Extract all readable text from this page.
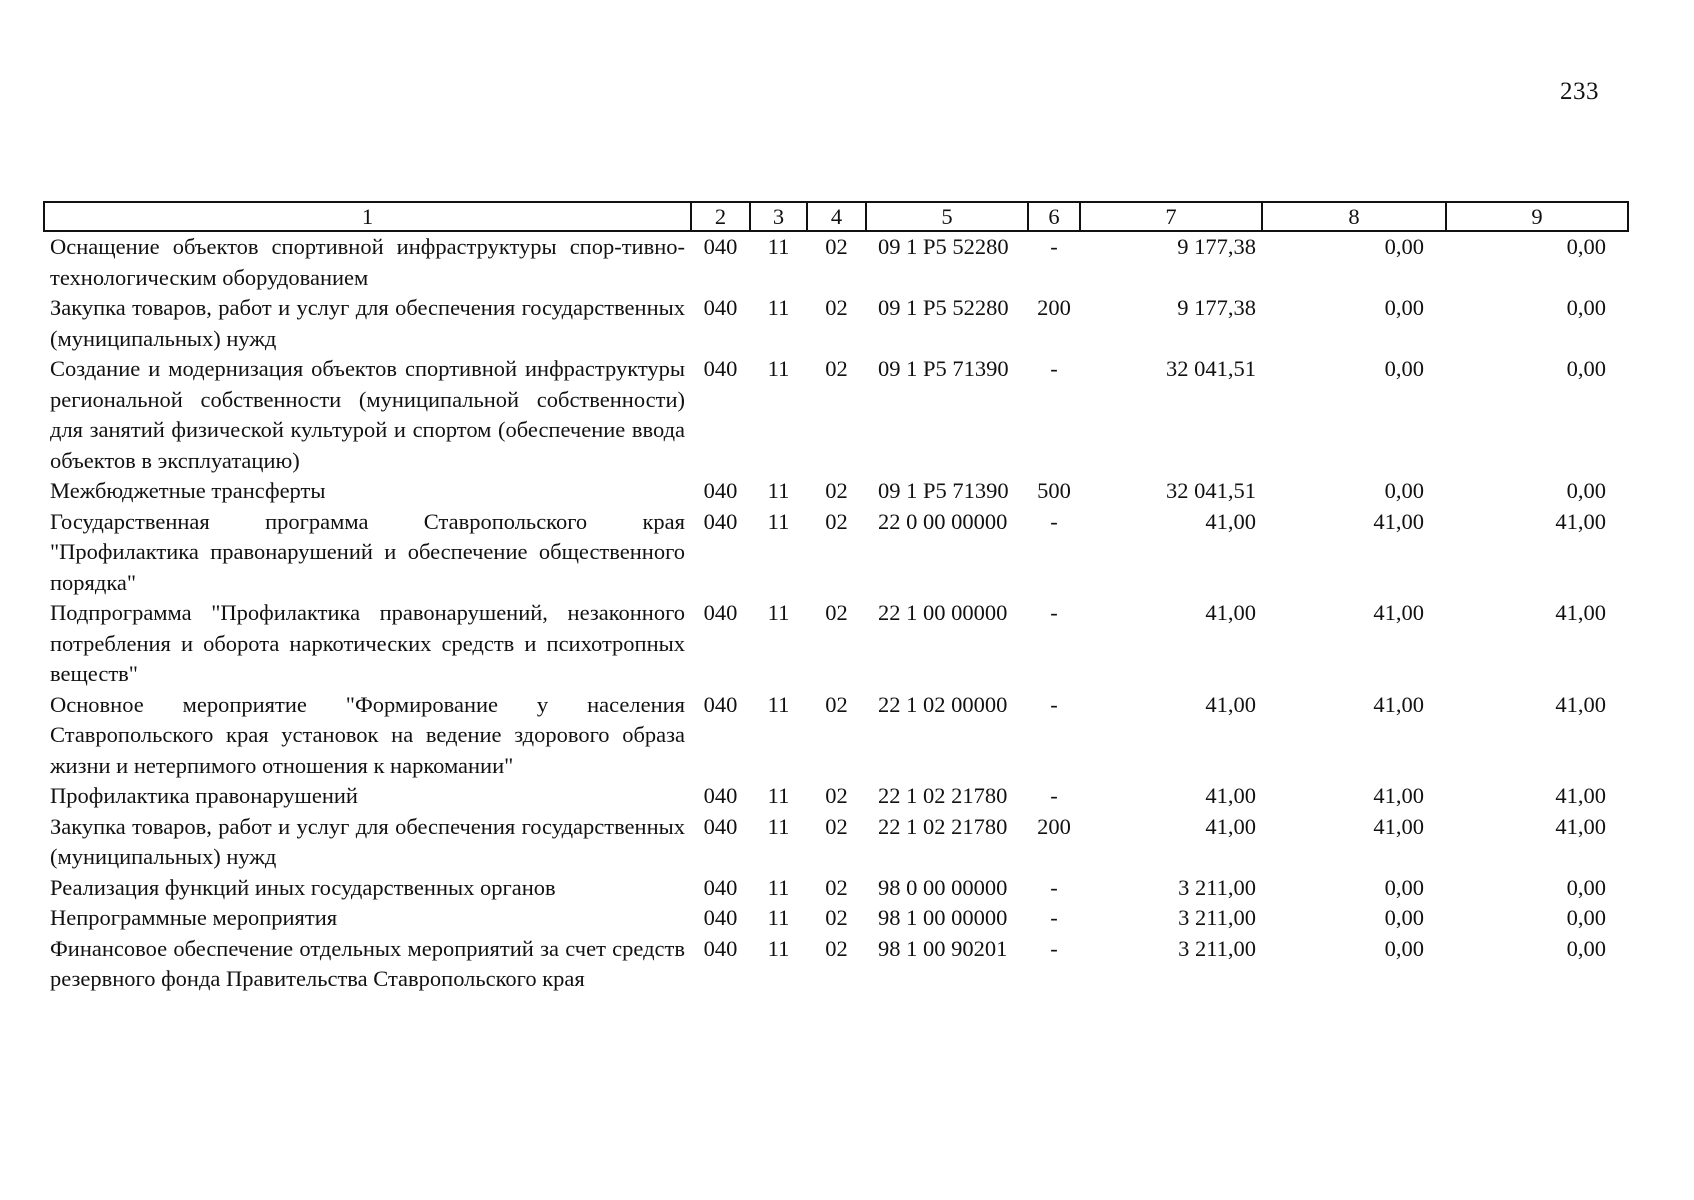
233
1	2	3	4	5	6	7	8	9
Оснащение объектов спортивной инфраструктуры спор-тивно-технологическим оборудованием	040	11	02	09 1 P5 52280	-	9 177,38	0,00	0,00
Закупка товаров, работ и услуг для обеспечения государственных (муниципальных) нужд	040	11	02	09 1 P5 52280	200	9 177,38	0,00	0,00
Создание и модернизация объектов спортивной инфраструктуры региональной собственности (муниципальной собственности) для занятий физической культурой и спортом (обеспечение ввода объектов в эксплуатацию)	040	11	02	09 1 P5 71390	-	32 041,51	0,00	0,00
Межбюджетные трансферты	040	11	02	09 1 P5 71390	500	32 041,51	0,00	0,00
Государственная программа Ставропольского края "Профилактика правонарушений и обеспечение общественного порядка"	040	11	02	22 0 00 00000	-	41,00	41,00	41,00
Подпрограмма "Профилактика правонарушений, незаконного потребления и оборота наркотических средств и психотропных веществ"	040	11	02	22 1 00 00000	-	41,00	41,00	41,00
Основное мероприятие "Формирование у населения Ставропольского края установок на ведение здорового образа жизни и нетерпимого отношения к наркомании"	040	11	02	22 1 02 00000	-	41,00	41,00	41,00
Профилактика правонарушений	040	11	02	22 1 02 21780	-	41,00	41,00	41,00
Закупка товаров, работ и услуг для обеспечения государственных (муниципальных) нужд	040	11	02	22 1 02 21780	200	41,00	41,00	41,00
Реализация функций иных государственных органов	040	11	02	98 0 00 00000	-	3 211,00	0,00	0,00
Непрограммные мероприятия	040	11	02	98 1 00 00000	-	3 211,00	0,00	0,00
Финансовое обеспечение отдельных мероприятий за счет средств резервного фонда Правительства Ставропольского края	040	11	02	98 1 00 90201	-	3 211,00	0,00	0,00
